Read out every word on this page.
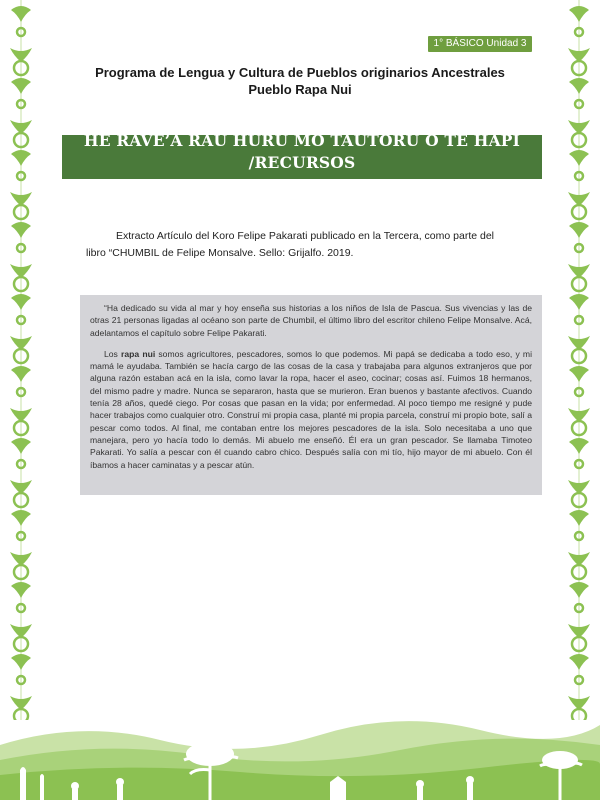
1° BÁSICO Unidad 3
Programa de Lengua y Cultura de Pueblos originarios Ancestrales
Pueblo Rapa Nui
HE RĀVE’A RAU HURU MO TAUTORU O TE HĀPĪ /RECURSOS
Extracto Artículo del Koro Felipe Pakarati publicado en la Tercera, como parte del libro “CHUMBIL de Felipe Monsalve. Sello: Grijalfo. 2019.

“Ha dedicado su vida al mar y hoy enseña sus historias a los niños de Isla de Pascua. Sus vivencias y las de otras 21 personas ligadas al océano son parte de Chumbil, el último libro del escritor chileno Felipe Monsalve. Acá, adelantamos el capítulo sobre Felipe Pakarati.

Los rapa nui somos agricultores, pescadores, somos lo que podemos. Mi papá se dedicaba a todo eso, y mi mamá le ayudaba. También se hacía cargo de las cosas de la casa y trabajaba para algunos extranjeros que por alguna razón estaban acá en la isla, como lavar la ropa, hacer el aseo, cocinar; cosas así. Fuimos 18 hermanos, del mismo padre y madre. Nunca se separaron, hasta que se murieron. Eran buenos y bastante afectivos. Cuando tenía 28 años, quedé ciego. Por cosas que pasan en la vida; por enfermedad. Al poco tiempo me resigné y pude hacer trabajos como cualquier otro. Construí mi propia casa, planté mi propia parcela, construí mi propio bote, salí a pescar como todos. Al final, me contaban entre los mejores pescadores de la isla. Solo necesitaba a uno que manejara, pero yo hacía todo lo demás. Mi abuelo me enseñó. Él era un gran pescador. Se llamaba Timoteo Pakarati. Yo salía a pescar con él cuando cabro chico. Después salía con mi tío, hijo mayor de mi abuelo. Con él íbamos a hacer caminatas y a pescar atún.
